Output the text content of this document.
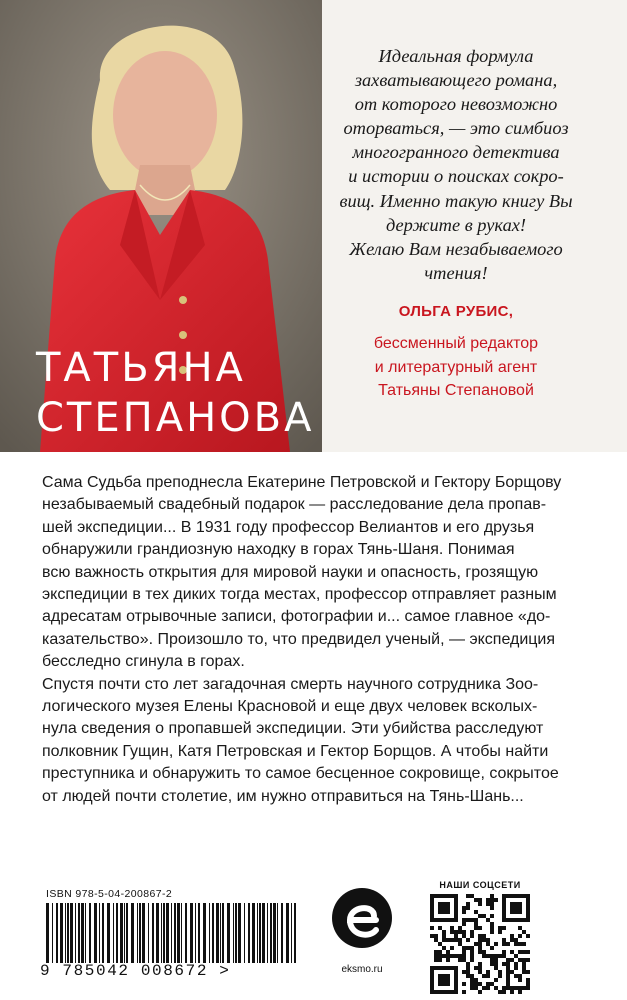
ТАТЬЯНА
СТЕПАНОВА
Идеальная формула
захватывающего романа,
от которого невозможно
оторваться, — это симбиоз
многогранного детектива
и истории о поисках сокро-
вищ. Именно такую книгу Вы
держите в руках!
Желаю Вам незабываемого
чтения!
ОЛЬГА РУБИС,
бессменный редактор
и литературный агент
Татьяны Степановой
Сама Судьба преподнесла Екатерине Петровской и Гектору Борщову
незабываемый свадебный подарок — расследование дела пропав-
шей экспедиции... В 1931 году профессор Велиантов и его друзья
обнаружили грандиозную находку в горах Тянь-Шаня. Понимая
всю важность открытия для мировой науки и опасность, грозящую
экспедиции в тех диких тогда местах, профессор отправляет разным
адресатам отрывочные записи, фотографии и... самое главное «до-
казательство». Произошло то, что предвидел ученый, — экспедиция
бесследно сгинула в горах.
Спустя почти сто лет загадочная смерть научного сотрудника Зоо-
логического музея Елены Красновой и еще двух человек всколых-
нула сведения о пропавшей экспедиции. Эти убийства расследуют
полковник Гущин, Катя Петровская и Гектор Борщов. А чтобы найти
преступника и обнаружить то самое бесценное сокровище, сокрытое
от людей почти столетие, им нужно отправиться на Тянь-Шань...
ISBN 978-5-04-200867-2
9 785042 008672 >	eksmo.ru
НАШИ СОЦСЕТИ
